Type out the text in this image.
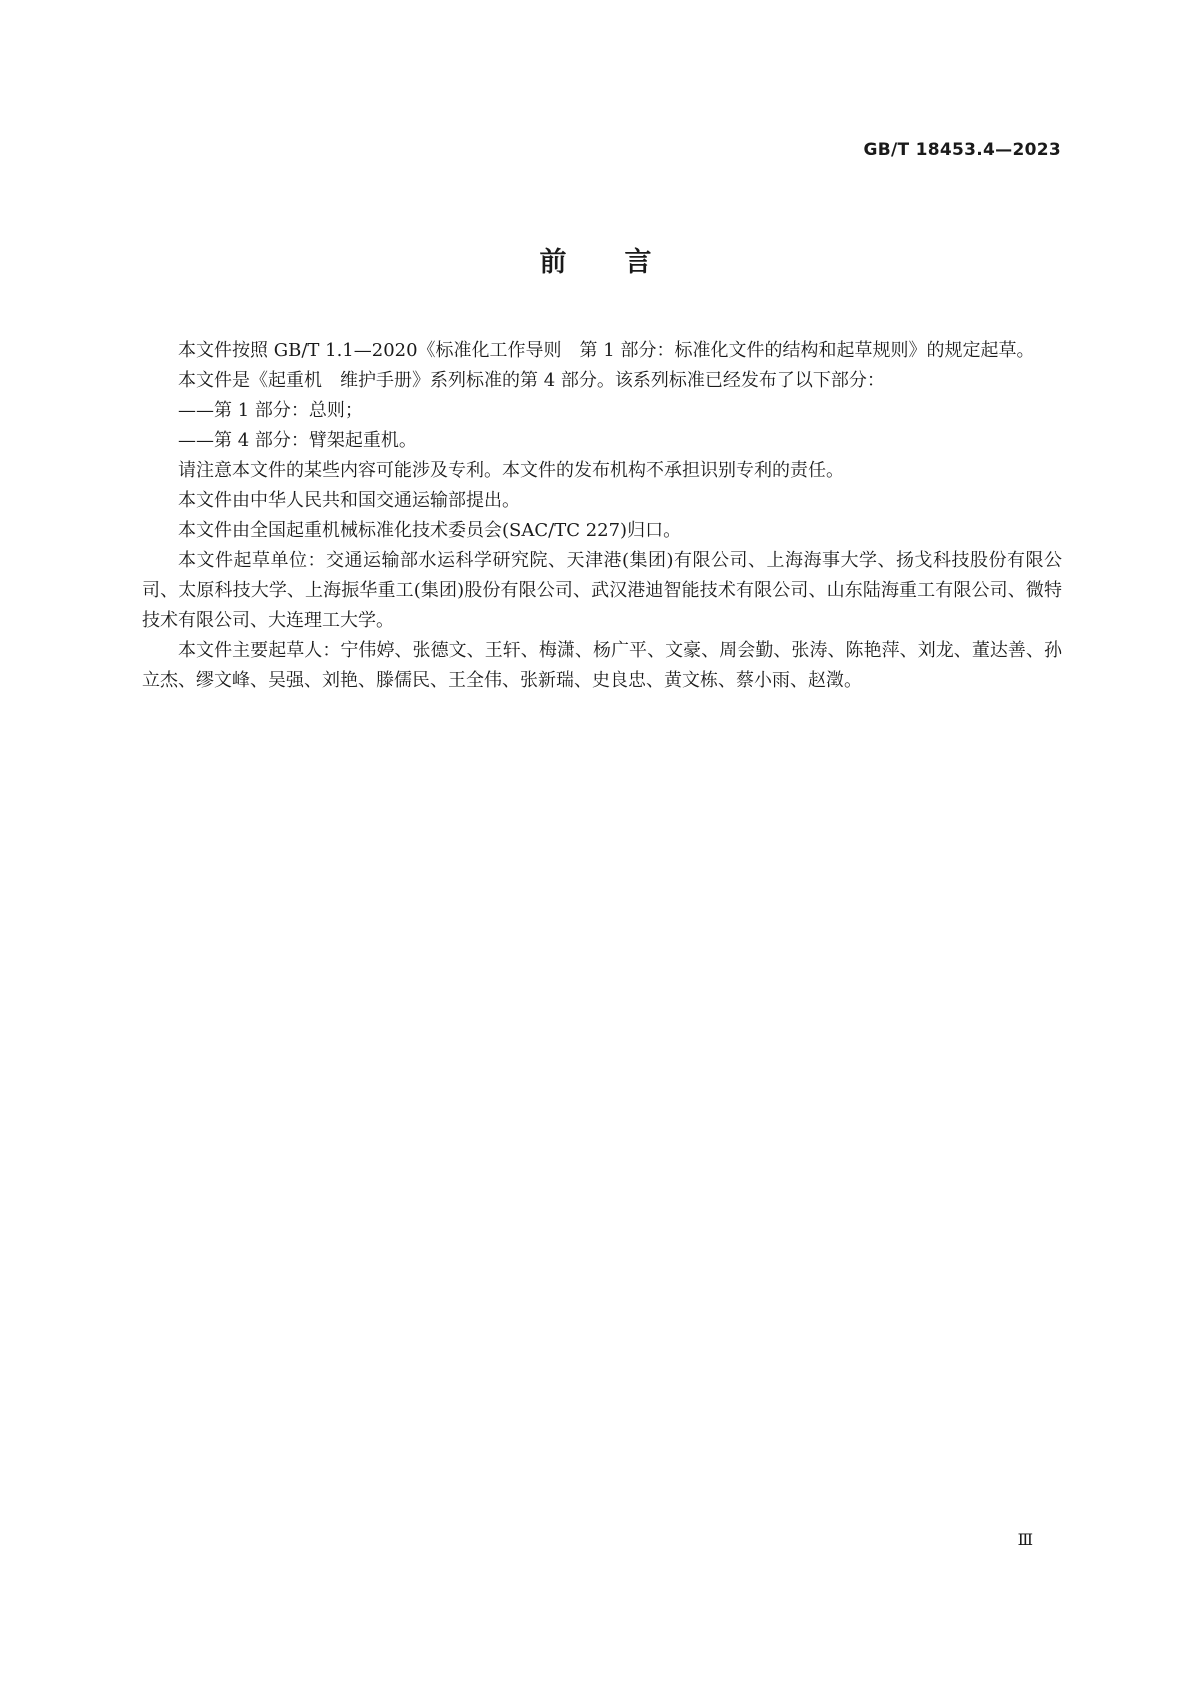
GB/T 18453.4—2023
前言

本文件按照 GB/T 1.1—2020《标准化工作导则　第 1 部分：标准化文件的结构和起草规则》的规定起草。

本文件是《起重机　维护手册》系列标准的第 4 部分。该系列标准已经发布了以下部分：

——第 1 部分：总则；

——第 4 部分：臂架起重机。

请注意本文件的某些内容可能涉及专利。本文件的发布机构不承担识别专利的责任。

本文件由中华人民共和国交通运输部提出。

本文件由全国起重机械标准化技术委员会(SAC/TC 227)归口。

本文件起草单位：交通运输部水运科学研究院、天津港(集团)有限公司、上海海事大学、扬戈科技股份有限公司、太原科技大学、上海振华重工(集团)股份有限公司、武汉港迪智能技术有限公司、山东陆海重工有限公司、微特技术有限公司、大连理工大学。

本文件主要起草人：宁伟婷、张德文、王轩、梅潇、杨广平、文豪、周会勤、张涛、陈艳萍、刘龙、董达善、孙立杰、缪文峰、吴强、刘艳、滕儒民、王全伟、张新瑞、史良忠、黄文栋、蔡小雨、赵澂。

Ⅲ
